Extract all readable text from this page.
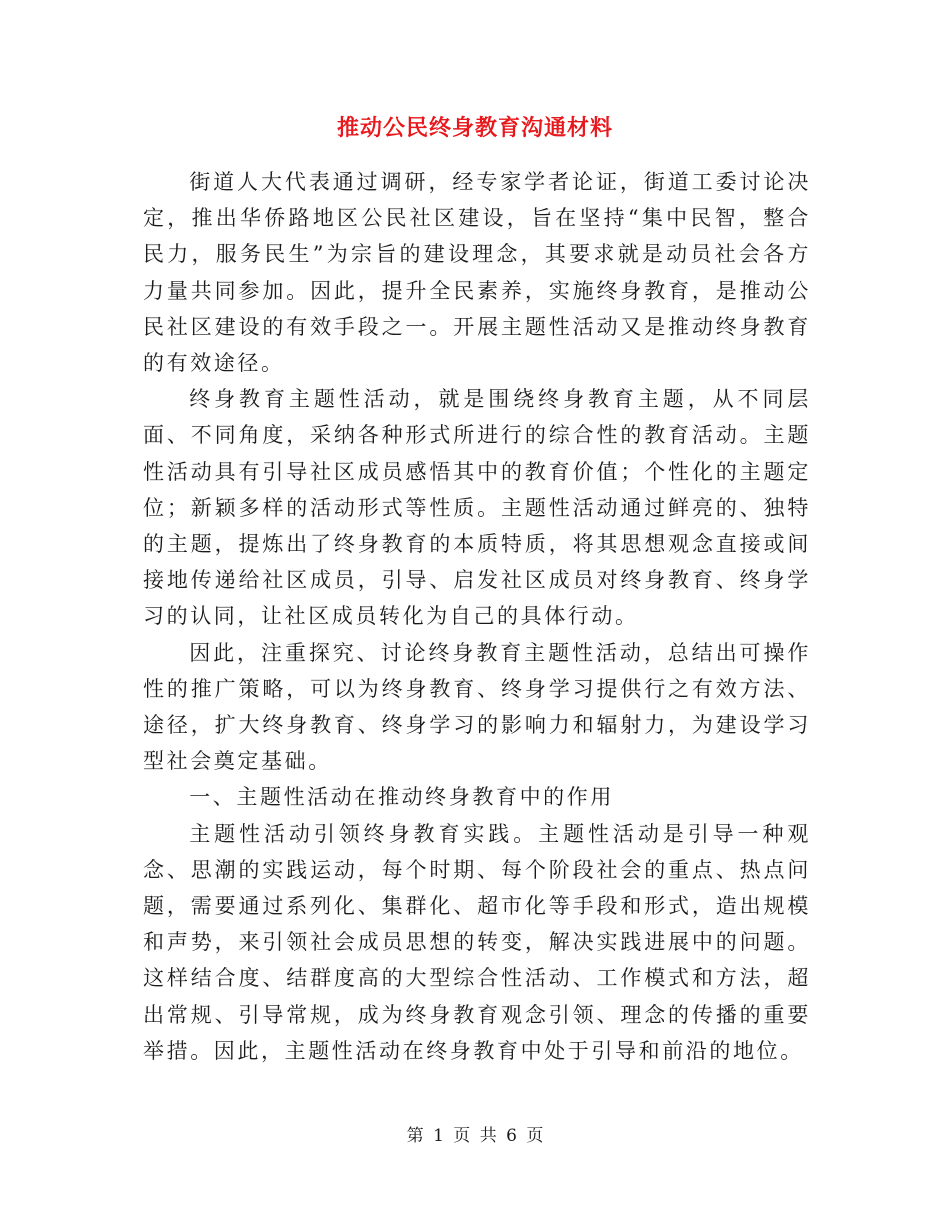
推动公民终身教育沟通材料

街道人大代表通过调研，经专家学者论证，街道工委讨论决定，推出华侨路地区公民社区建设，旨在坚持“集中民智，整合民力，服务民生”为宗旨的建设理念，其要求就是动员社会各方力量共同参加。因此，提升全民素养，实施终身教育，是推动公民社区建设的有效手段之一。开展主题性活动又是推动终身教育的有效途径。

终身教育主题性活动，就是围绕终身教育主题，从不同层面、不同角度，采纳各种形式所进行的综合性的教育活动。主题性活动具有引导社区成员感悟其中的教育价值；个性化的主题定位；新颖多样的活动形式等性质。主题性活动通过鲜亮的、独特的主题，提炼出了终身教育的本质特质，将其思想观念直接或间接地传递给社区成员，引导、启发社区成员对终身教育、终身学习的认同，让社区成员转化为自己的具体行动。

因此，注重探究、讨论终身教育主题性活动，总结出可操作性的推广策略，可以为终身教育、终身学习提供行之有效方法、途径，扩大终身教育、终身学习的影响力和辐射力，为建设学习型社会奠定基础。

一、主题性活动在推动终身教育中的作用

主题性活动引领终身教育实践。主题性活动是引导一种观念、思潮的实践运动，每个时期、每个阶段社会的重点、热点问题，需要通过系列化、集群化、超市化等手段和形式，造出规模和声势，来引领社会成员思想的转变，解决实践进展中的问题。这样结合度、结群度高的大型综合性活动、工作模式和方法，超出常规、引导常规，成为终身教育观念引领、理念的传播的重要举措。因此，主题性活动在终身教育中处于引导和前沿的地位。

第 1 页 共 6 页
